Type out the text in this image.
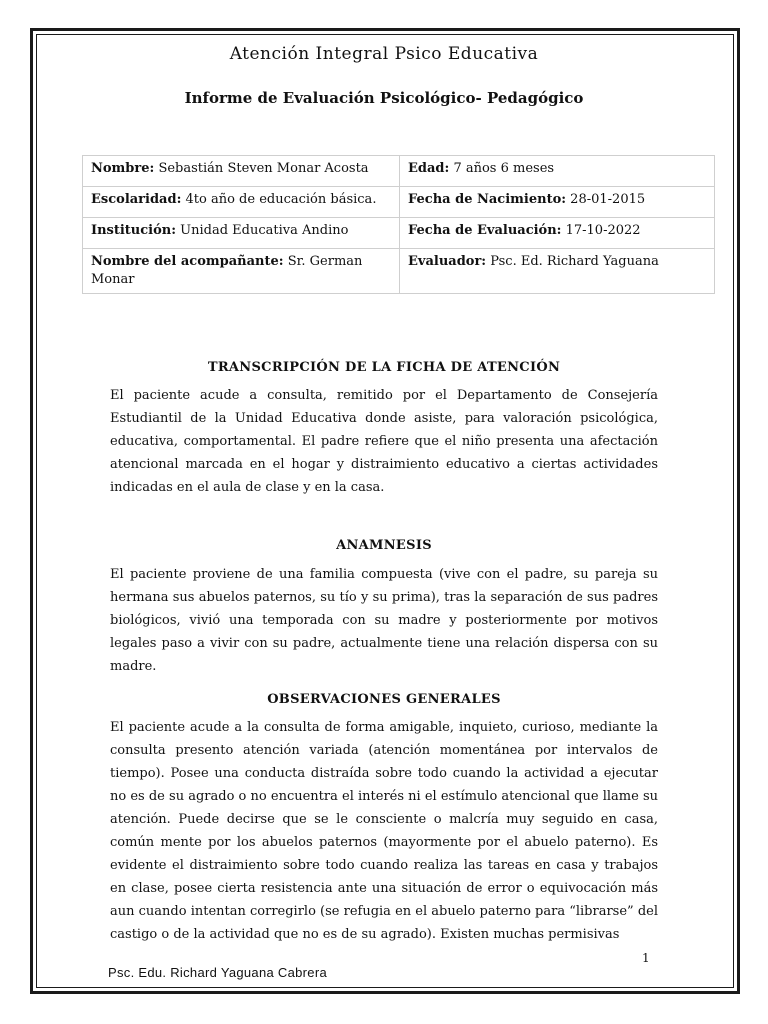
Atención Integral Psico Educativa
Informe de Evaluación Psicológico- Pedagógico
Nombre: Sebastián Steven Monar Acosta	Edad: 7 años 6 meses
Escolaridad: 4to año de educación básica.	Fecha de Nacimiento: 28-01-2015
Institución: Unidad Educativa Andino	Fecha de Evaluación: 17-10-2022
Nombre del acompañante: Sr. German Monar	Evaluador: Psc. Ed. Richard Yaguana
TRANSCRIPCIÓN DE LA FICHA DE ATENCIÓN
El paciente acude a consulta, remitido por el Departamento de Consejería Estudiantil de la Unidad Educativa donde asiste, para valoración psicológica, educativa, comportamental. El padre refiere que el niño presenta una afectación atencional marcada en el hogar y distraimiento educativo a ciertas actividades indicadas en el aula de clase y en la casa.
ANAMNESIS
El paciente proviene de una familia compuesta (vive con el padre, su pareja su hermana sus abuelos paternos, su tío y su prima), tras la separación de sus padres biológicos, vivió una temporada con su madre y posteriormente por motivos legales paso a vivir con su padre, actualmente tiene una relación dispersa con su madre.
OBSERVACIONES GENERALES
El paciente acude a la consulta de forma amigable, inquieto, curioso, mediante la consulta presento atención variada (atención momentánea por intervalos de tiempo). Posee una conducta distraída sobre todo cuando la actividad a ejecutar no es de su agrado o no encuentra el interés ni el estímulo atencional que llame su atención. Puede decirse que se le consciente o malcría muy seguido en casa, común mente por los abuelos paternos (mayormente por el abuelo paterno). Es evidente el distraimiento sobre todo cuando realiza las tareas en casa y trabajos en clase, posee cierta resistencia ante una situación de error o equivocación más aun cuando intentan corregirlo (se refugia en el abuelo paterno para “librarse” del castigo o de la actividad que no es de su agrado). Existen muchas permisivas
1
Psc. Edu. Richard Yaguana Cabrera
